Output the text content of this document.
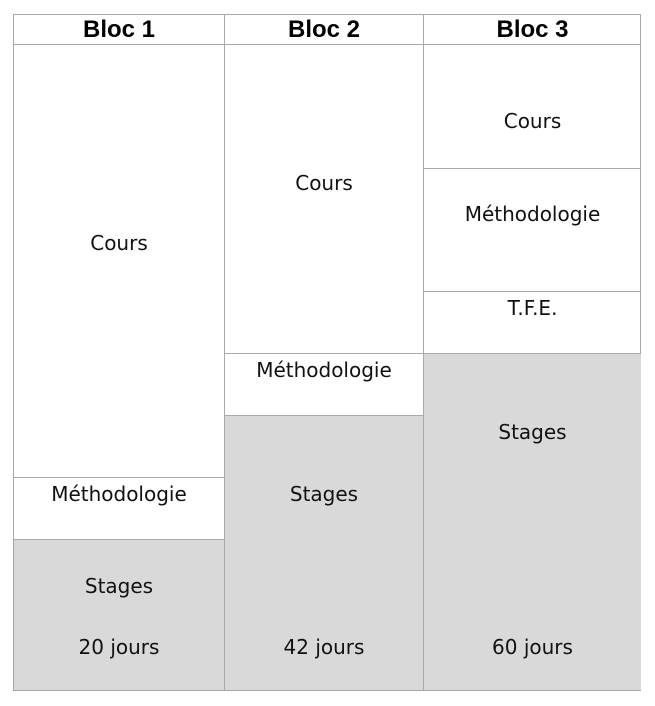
Bloc 1	Bloc 2	Bloc 3
Cours
Méthodologie
Stages
20 jours
Cours
Méthodologie
Stages
42 jours
Cours
Méthodologie
T.F.E.
Stages
60 jours
